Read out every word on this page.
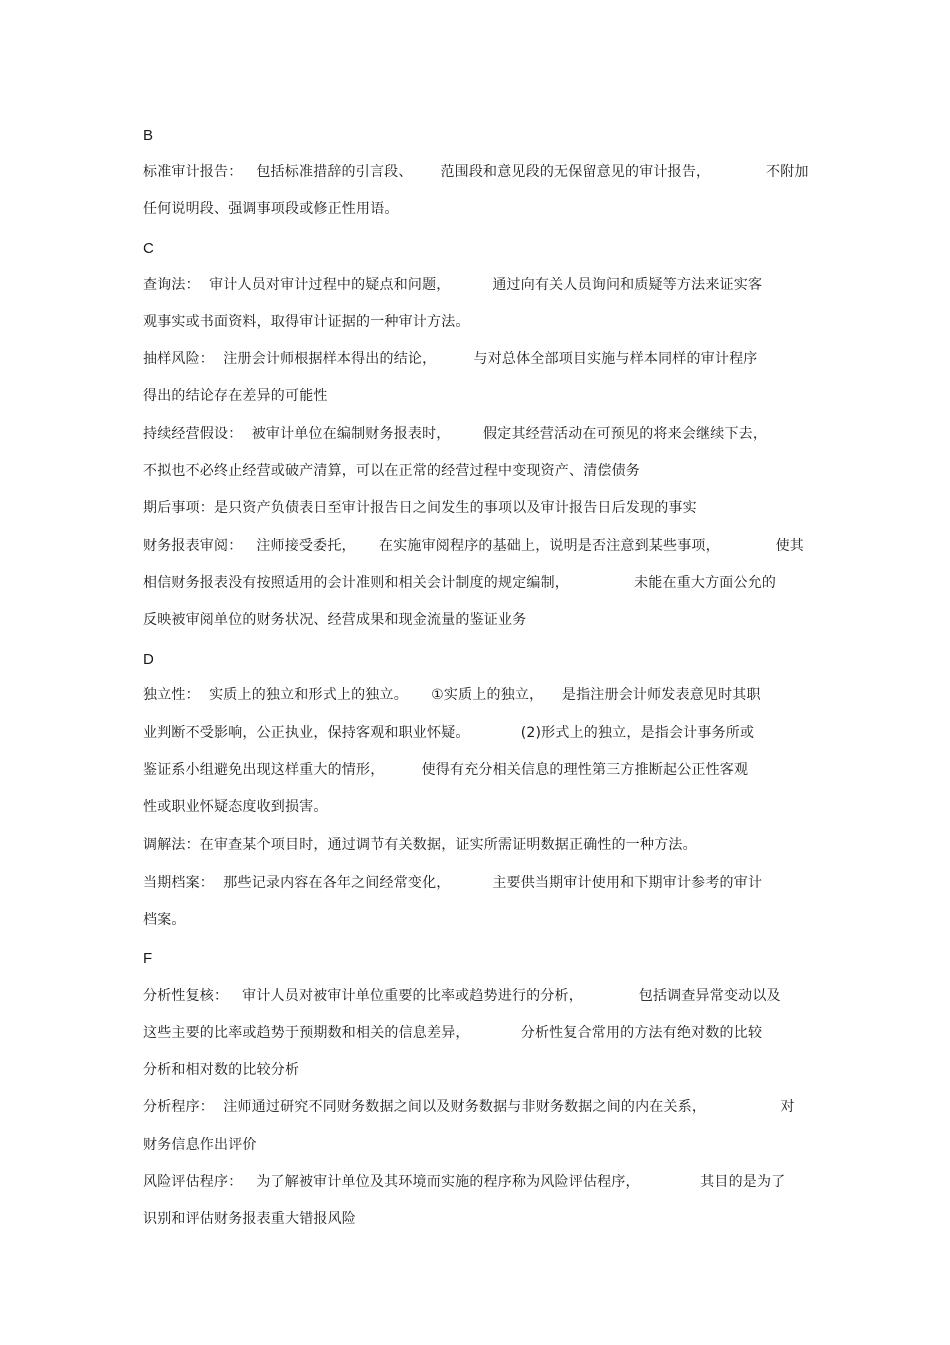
B
标准审计报告：   包括标准措辞的引言段、      范围段和意见段的无保留意见的审计报告，            不附加
任何说明段、强调事项段或修正性用语。
C
查询法：  审计人员对审计过程中的疑点和问题，         通过向有关人员询问和质疑等方法来证实客
观事实或书面资料，取得审计证据的一种审计方法。
抽样风险：  注册会计师根据样本得出的结论，        与对总体全部项目实施与样本同样的审计程序
得出的结论存在差异的可能性
持续经营假设：  被审计单位在编制财务报表时，       假定其经营活动在可预见的将来会继续下去，
不拟也不必终止经营或破产清算，可以在正常的经营过程中变现资产、清偿债务
期后事项：是只资产负债表日至审计报告日之间发生的事项以及审计报告日后发现的事实
财务报表审阅：   注师接受委托，     在实施审阅程序的基础上，说明是否注意到某些事项，            使其
相信财务报表没有按照适用的会计准则和相关会计制度的规定编制，              未能在重大方面公允的
反映被审阅单位的财务状况、经营成果和现金流量的鉴证业务
D
独立性：  实质上的独立和形式上的独立。     ①实质上的独立，    是指注册会计师发表意见时其职
业判断不受影响，公正执业，保持客观和职业怀疑。           (2)形式上的独立，是指会计事务所或
鉴证系小组避免出现这样重大的情形，        使得有充分相关信息的理性第三方推断起公正性客观
性或职业怀疑态度收到损害。
调解法：在审查某个项目时，通过调节有关数据，证实所需证明数据正确性的一种方法。
当期档案：  那些记录内容在各年之间经常变化，         主要供当期审计使用和下期审计参考的审计
档案。
F
分析性复核：   审计人员对被审计单位重要的比率或趋势进行的分析，            包括调查异常变动以及
这些主要的比率或趋势于预期数和相关的信息差异，           分析性复合常用的方法有绝对数的比较
分析和相对数的比较分析
分析程序：  注师通过研究不同财务数据之间以及财务数据与非财务数据之间的内在关系，                对
财务信息作出评价
风险评估程序：   为了解被审计单位及其环境而实施的程序称为风险评估程序，             其目的是为了
识别和评估财务报表重大错报风险
